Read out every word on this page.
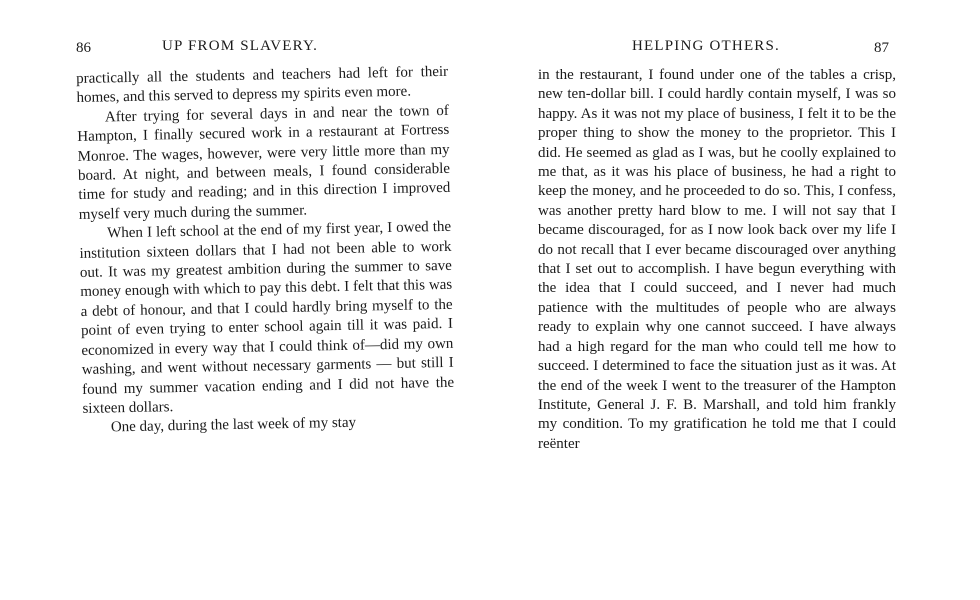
86	UP FROM SLAVERY.

practically all the students and teachers had left for their homes, and this served to depress my spirits even more.

After trying for several days in and near the town of Hampton, I finally secured work in a restaurant at Fortress Monroe. The wages, however, were very little more than my board. At night, and between meals, I found considerable time for study and reading; and in this direction I improved myself very much during the summer.

When I left school at the end of my first year, I owed the institution sixteen dollars that I had not been able to work out. It was my greatest ambition during the summer to save money enough with which to pay this debt. I felt that this was a debt of honour, and that I could hardly bring myself to the point of even trying to enter school again till it was paid. I economized in every way that I could think of—did my own washing, and went without necessary garments — but still I found my summer vacation ending and I did not have the sixteen dollars.

One day, during the last week of my stay

HELPING OTHERS.	87

in the restaurant, I found under one of the tables a crisp, new ten-dollar bill. I could hardly contain myself, I was so happy. As it was not my place of business, I felt it to be the proper thing to show the money to the proprietor. This I did. He seemed as glad as I was, but he coolly explained to me that, as it was his place of business, he had a right to keep the money, and he proceeded to do so. This, I confess, was another pretty hard blow to me. I will not say that I became discouraged, for as I now look back over my life I do not recall that I ever became discouraged over anything that I set out to accomplish. I have begun everything with the idea that I could succeed, and I never had much patience with the multitudes of people who are always ready to explain why one cannot succeed. I have always had a high regard for the man who could tell me how to succeed. I determined to face the situation just as it was. At the end of the week I went to the treasurer of the Hampton Institute, General J. F. B. Marshall, and told him frankly my condition. To my gratification he told me that I could reënter
